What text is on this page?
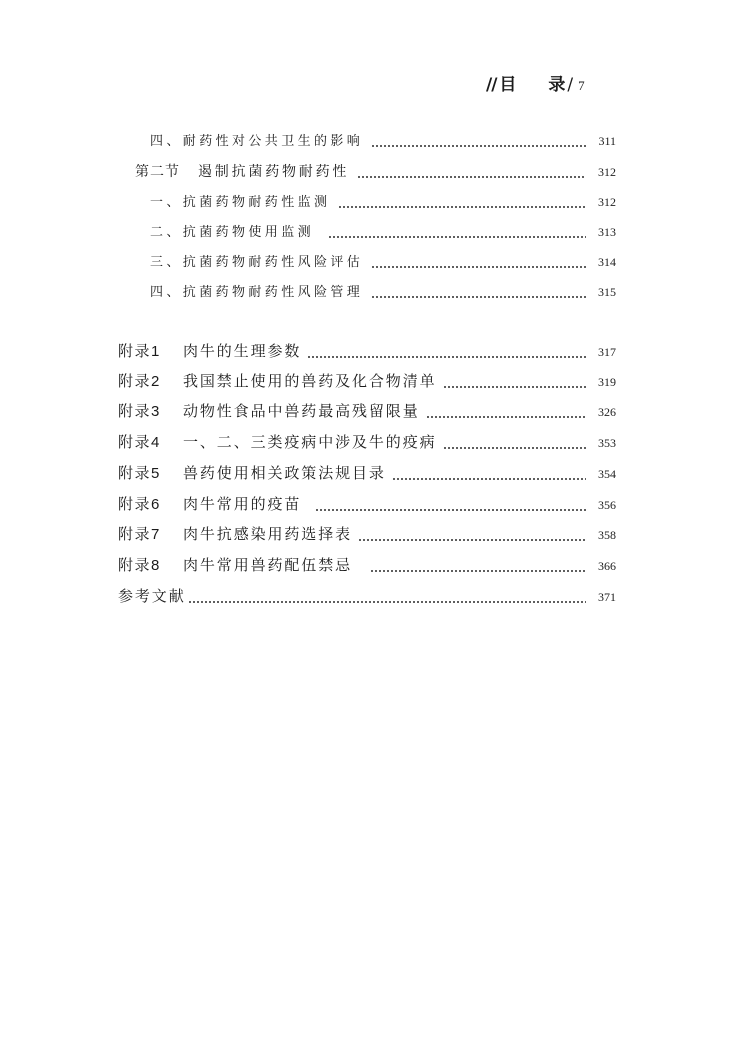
// 目 录 / 7
四、耐药性对公共卫生的影响	311
第二节 遏制抗菌药物耐药性	312
一、抗菌药物耐药性监测	312
二、抗菌药物使用监测	313
三、抗菌药物耐药性风险评估	314
四、抗菌药物耐药性风险管理	315
附录1	肉牛的生理参数	317
附录2	我国禁止使用的兽药及化合物清单	319
附录3	动物性食品中兽药最高残留限量	326
附录4	一、二、三类疫病中涉及牛的疫病	353
附录5	兽药使用相关政策法规目录	354
附录6	肉牛常用的疫苗	356
附录7	肉牛抗感染用药选择表	358
附录8	肉牛常用兽药配伍禁忌	366
参考文献	371
